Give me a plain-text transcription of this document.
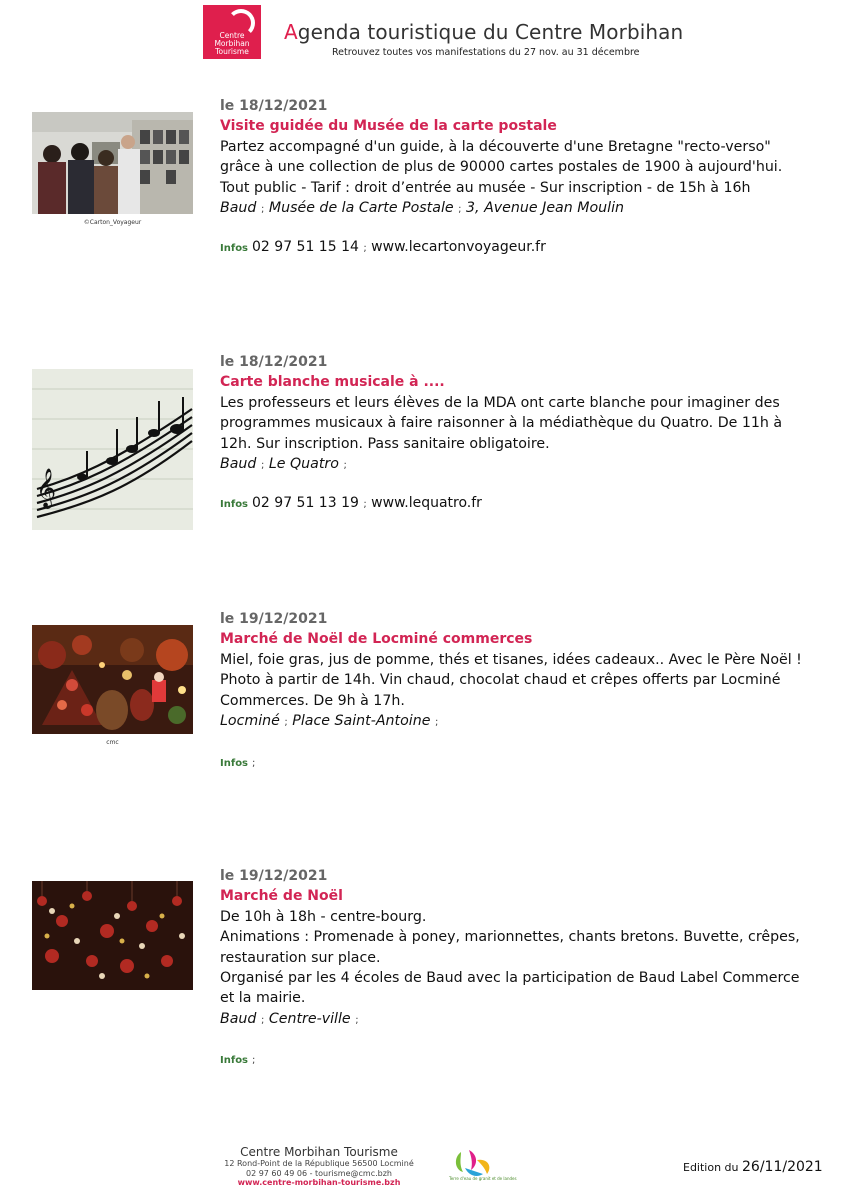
Centre
Morbihan
Tourisme
Agenda touristique du Centre Morbihan
Retrouvez toutes vos manifestations du 27 nov. au 31 décembre
©Carton_Voyageur
le 18/12/2021
Visite guidée du Musée de la carte postale
Partez accompagné d'un guide, à la découverte d'une Bretagne "recto-verso" grâce à une collection de plus de 90000 cartes postales de 1900 à aujourd'hui. Tout public - Tarif : droit d’entrée au musée - Sur inscription - de 15h à 16h
Baud ; Musée de la Carte Postale ; 3, Avenue Jean Moulin
Infos 02 97 51 15 14 ; www.lecartonvoyageur.fr
𝄞
le 18/12/2021
Carte blanche musicale à ....
Les professeurs et leurs élèves de la MDA ont carte blanche pour imaginer des programmes musicaux à faire raisonner à la médiathèque du Quatro. De 11h à 12h. Sur inscription. Pass sanitaire obligatoire.
Baud ; Le Quatro ;
Infos 02 97 51 13 19 ; www.lequatro.fr
cmc
le 19/12/2021
Marché de Noël de Locminé commerces
Miel, foie gras, jus de pomme, thés et tisanes, idées cadeaux.. Avec le Père Noël ! Photo à partir de 14h. Vin chaud, chocolat chaud et crêpes offerts par Locminé Commerces. De 9h à 17h.
Locminé ; Place Saint-Antoine ;
Infos ;
le 19/12/2021
Marché de Noël
De 10h à 18h - centre-bourg.
Animations : Promenade à poney, marionnettes, chants bretons. Buvette, crêpes, restauration sur place.
Organisé par les 4 écoles de Baud avec la participation de Baud Label Commerce et la mairie.
Baud ; Centre-ville ;
Infos ;
Centre Morbihan Tourisme
12 Rond-Point de la République 56500 Locminé
02 97 60 49 06 - tourisme@cmc.bzh
www.centre-morbihan-tourisme.bzh	Terre d'eau de granit et de landes
Edition du 26/11/2021
